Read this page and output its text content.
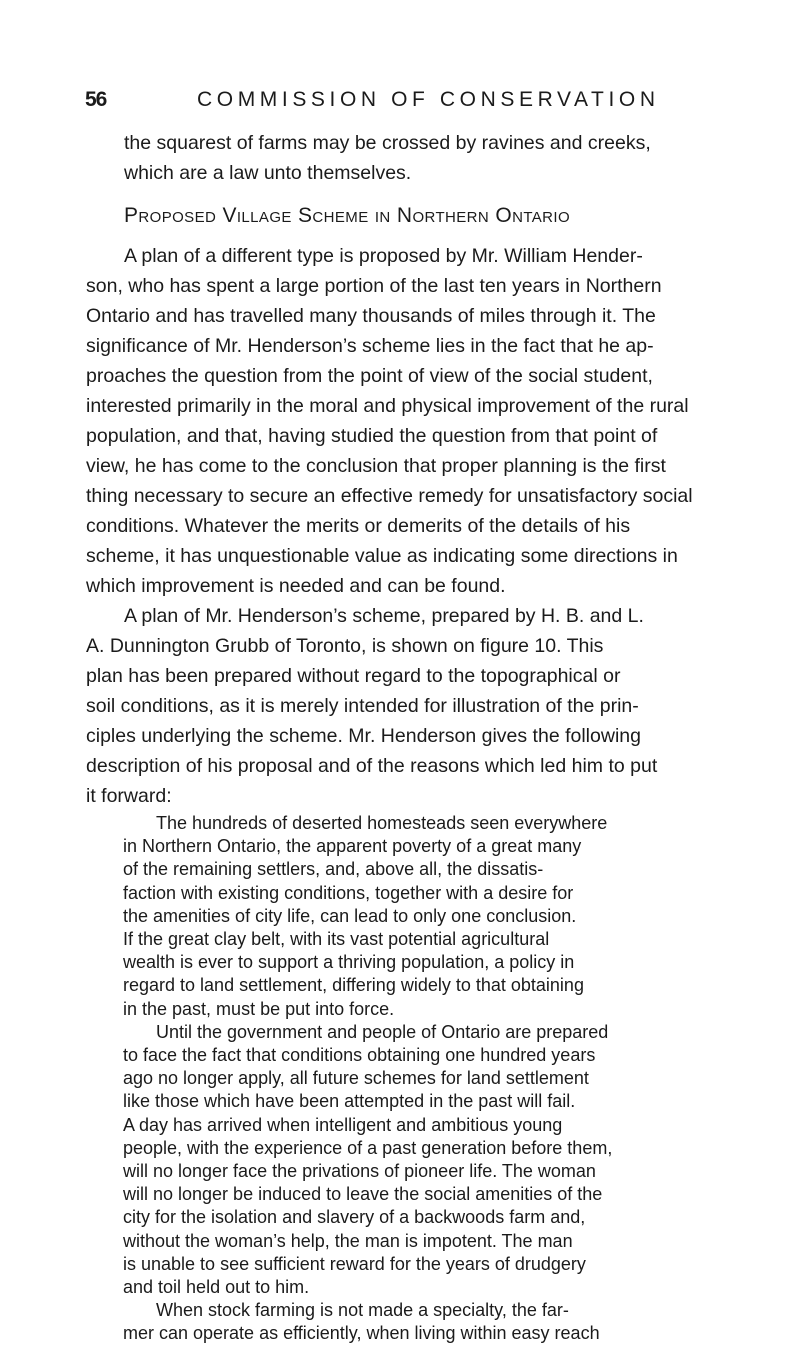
56	COMMISSION OF CONSERVATION
the squarest of farms may be crossed by ravines and creeks,
which are a law unto themselves.
Proposed Village Scheme in Northern Ontario
A plan of a different type is proposed by Mr. William Hender-
son, who has spent a large portion of the last ten years in Northern
Ontario and has travelled many thousands of miles through it. The
significance of Mr. Henderson’s scheme lies in the fact that he ap-
proaches the question from the point of view of the social student,
interested primarily in the moral and physical improvement of the rural
population, and that, having studied the question from that point of
view, he has come to the conclusion that proper planning is the first
thing necessary to secure an effective remedy for unsatisfactory social
conditions. Whatever the merits or demerits of the details of his
scheme, it has unquestionable value as indicating some directions in
which improvement is needed and can be found.
A plan of Mr. Henderson’s scheme, prepared by H. B. and L.
A. Dunnington Grubb of Toronto, is shown on figure 10. This
plan has been prepared without regard to the topographical or
soil conditions, as it is merely intended for illustration of the prin-
ciples underlying the scheme. Mr. Henderson gives the following
description of his proposal and of the reasons which led him to put
it forward:
The hundreds of deserted homesteads seen everywhere
in Northern Ontario, the apparent poverty of a great many
of the remaining settlers, and, above all, the dissatis-
faction with existing conditions, together with a desire for
the amenities of city life, can lead to only one conclusion.
If the great clay belt, with its vast potential agricultural
wealth is ever to support a thriving population, a policy in
regard to land settlement, differing widely to that obtaining
in the past, must be put into force.
Until the government and people of Ontario are prepared
to face the fact that conditions obtaining one hundred years
ago no longer apply, all future schemes for land settlement
like those which have been attempted in the past will fail.
A day has arrived when intelligent and ambitious young
people, with the experience of a past generation before them,
will no longer face the privations of pioneer life. The woman
will no longer be induced to leave the social amenities of the
city for the isolation and slavery of a backwoods farm and,
without the woman’s help, the man is impotent. The man
is unable to see sufficient reward for the years of drudgery
and toil held out to him.
When stock farming is not made a specialty, the far-
mer can operate as efficiently, when living within easy reach
